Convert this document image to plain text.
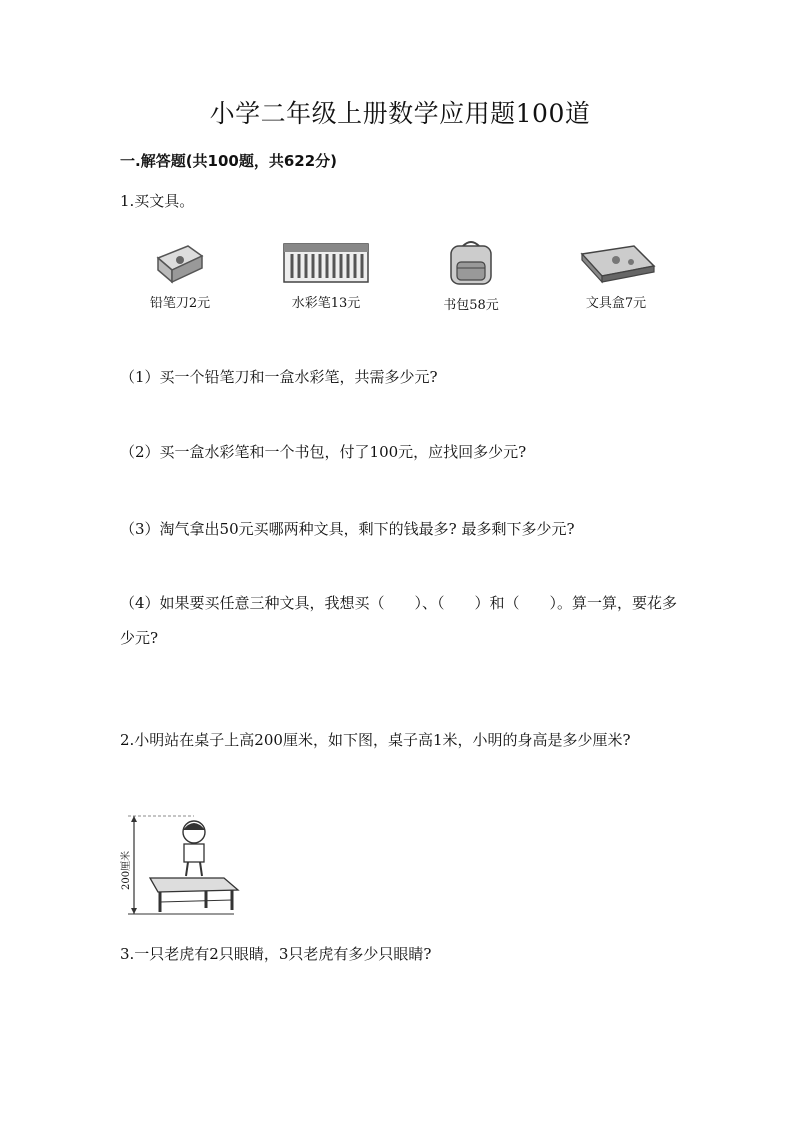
小学二年级上册数学应用题100道
一.解答题(共100题，共622分)
1.买文具。
铅笔刀2元	水彩笔13元	书包58元	文具盒7元
（1）买一个铅笔刀和一盒水彩笔，共需多少元?
（2）买一盒水彩笔和一个书包，付了100元，应找回多少元?
（3）淘气拿出50元买哪两种文具，剩下的钱最多? 最多剩下多少元?
（4）如果要买任意三种文具，我想买（　　）、（　　）和（　　）。算一算，要花多少元?
2.小明站在桌子上高200厘米，如下图，桌子高1米，小明的身高是多少厘米?
200厘米
3.一只老虎有2只眼睛，3只老虎有多少只眼睛?
